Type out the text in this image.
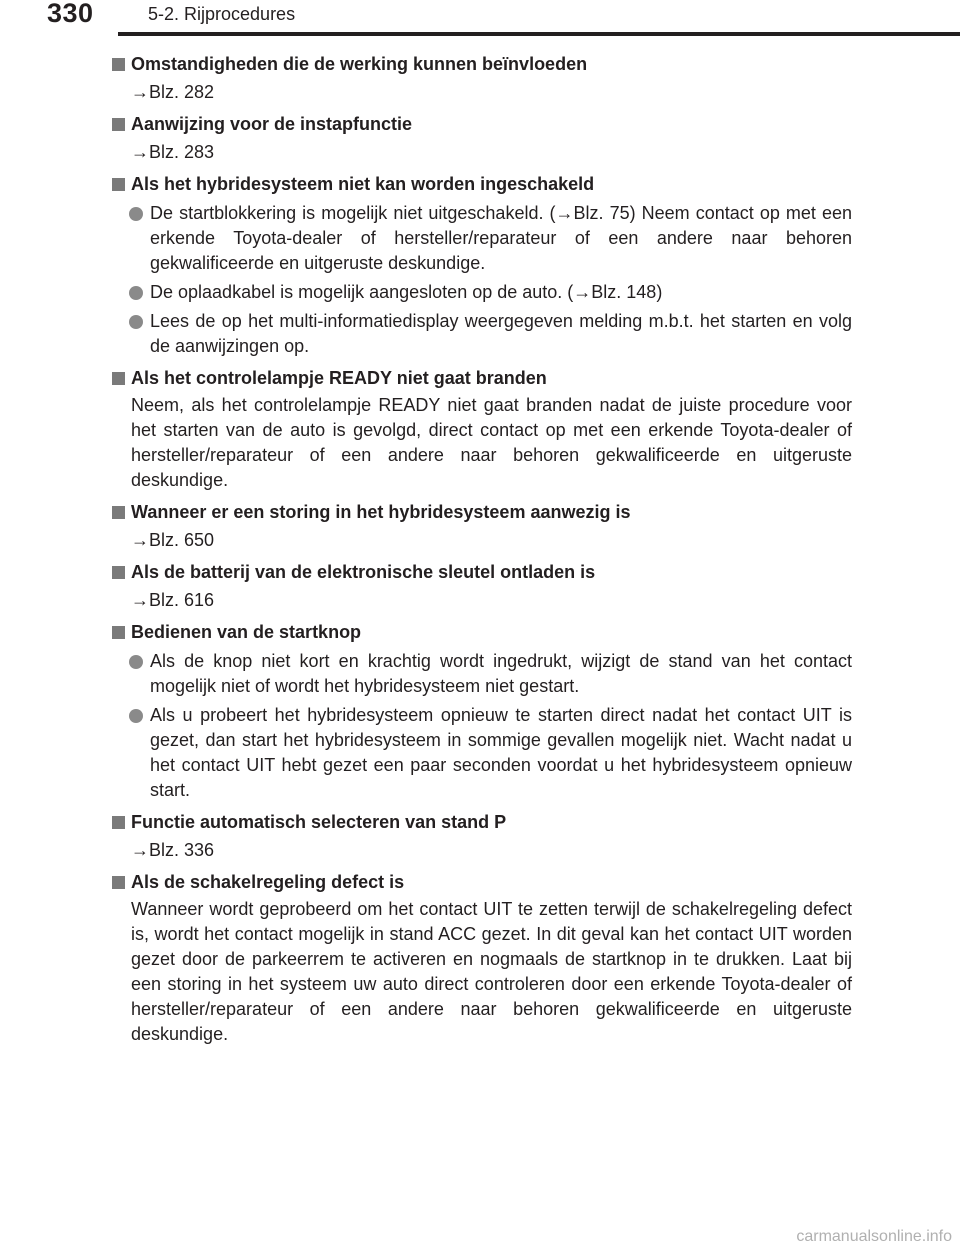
330	5-2. Rijprocedures
Omstandigheden die de werking kunnen beïnvloeden
→Blz. 282
Aanwijzing voor de instapfunctie
→Blz. 283
Als het hybridesysteem niet kan worden ingeschakeld
De startblokkering is mogelijk niet uitgeschakeld. (→Blz. 75) Neem contact op met een erkende Toyota-dealer of hersteller/reparateur of een andere naar behoren gekwalificeerde en uitgeruste deskundige.
De oplaadkabel is mogelijk aangesloten op de auto. (→Blz. 148)
Lees de op het multi-informatiedisplay weergegeven melding m.b.t. het starten en volg de aanwijzingen op.
Als het controlelampje READY niet gaat branden
Neem, als het controlelampje READY niet gaat branden nadat de juiste procedure voor het starten van de auto is gevolgd, direct contact op met een erkende Toyota-dealer of hersteller/reparateur of een andere naar behoren gekwalificeerde en uitgeruste deskundige.
Wanneer er een storing in het hybridesysteem aanwezig is
→Blz. 650
Als de batterij van de elektronische sleutel ontladen is
→Blz. 616
Bedienen van de startknop
Als de knop niet kort en krachtig wordt ingedrukt, wijzigt de stand van het contact mogelijk niet of wordt het hybridesysteem niet gestart.
Als u probeert het hybridesysteem opnieuw te starten direct nadat het contact UIT is gezet, dan start het hybridesysteem in sommige gevallen mogelijk niet. Wacht nadat u het contact UIT hebt gezet een paar seconden voordat u het hybridesysteem opnieuw start.
Functie automatisch selecteren van stand P
→Blz. 336
Als de schakelregeling defect is
Wanneer wordt geprobeerd om het contact UIT te zetten terwijl de schakelregeling defect is, wordt het contact mogelijk in stand ACC gezet. In dit geval kan het contact UIT worden gezet door de parkeerrem te activeren en nogmaals de startknop in te drukken. Laat bij een storing in het systeem uw auto direct controleren door een erkende Toyota-dealer of hersteller/reparateur of een andere naar behoren gekwalificeerde en uitgeruste deskundige.
carmanualsonline.info
